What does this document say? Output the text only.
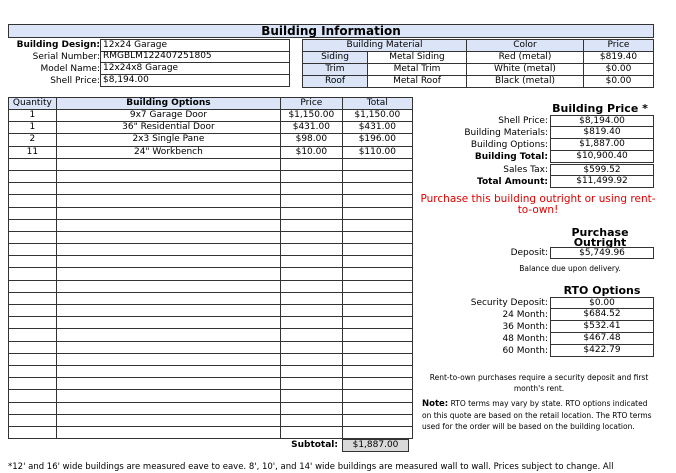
Building Information
Building Design: 12x24 Garage
Serial Number: RMGBLM122407251805
Model Name: 12x24x8 Garage
Shell Price: $8,194.00
Building Material		Color	Price
Siding	Metal Siding	Red (metal)	$819.40
Trim	Metal Trim	White (metal)	$0.00
Roof	Metal Roof	Black (metal)	$0.00
Quantity	Building Options	Price	Total
1	9x7 Garage Door	$1,150.00	$1,150.00
1	36" Residential Door	$431.00	$431.00
2	2x3 Single Pane	$98.00	$196.00
11	24" Workbench	$10.00	$110.00

Subtotal:	$1,887.00
Building Price *
Shell Price:	$8,194.00
Building Materials:	$819.40
Building Options:	$1,887.00
Building Total:	$10,900.40
Sales Tax:	$599.52
Total Amount:	$11,499.92
Purchase this building outright or using rent-to-own!
Purchase Outright
Deposit:	$5,749.96
Balance due upon delivery.
RTO Options
Security Deposit:	$0.00
24 Month:	$684.52
36 Month:	$532.41
48 Month:	$467.48
60 Month:	$422.79
Rent-to-own purchases require a security deposit and first month's rent.
Note: RTO terms may vary by state. RTO options indicated on this quote are based on the retail location. The RTO terms used for the order will be based on the building location.
*12' and 16' wide buildings are measured eave to eave. 8', 10', and 14' wide buildings are measured wall to wall. Prices subject to change. All
